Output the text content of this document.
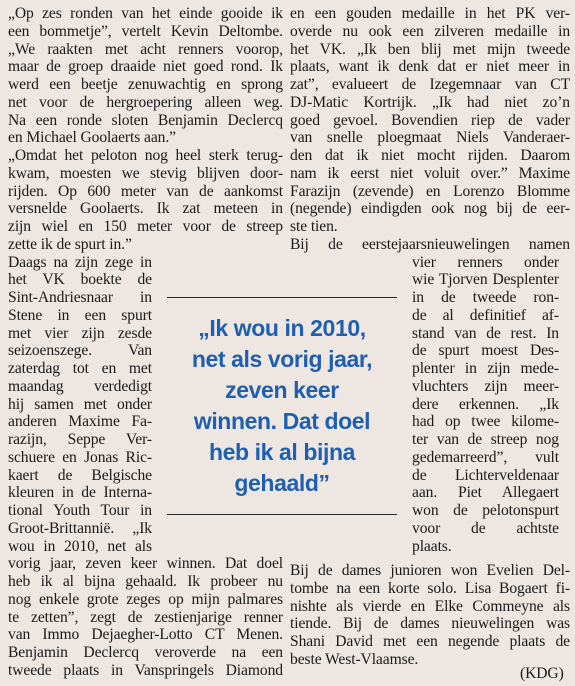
„Op zes ronden van het einde gooide ik
een bommetje”, vertelt Kevin Deltombe.
„We raakten met acht renners voorop,
maar de groep draaide niet goed rond. Ik
werd een beetje zenuwachtig en sprong
net voor de hergroepering alleen weg.
Na een ronde sloten Benjamin Declercq
en Michael Goolaerts aan.”
„Omdat het peloton nog heel sterk terug-
kwam, moesten we stevig blijven door-
rijden. Op 600 meter van de aankomst
versnelde Goolaerts. Ik zat meteen in
zijn wiel en 150 meter voor de streep
zette ik de spurt in.”
Daags na zijn zege in
het VK boekte de
Sint-Andriesnaar in
Stene in een spurt
met vier zijn zesde
seizoenszege. Van
zaterdag tot en met
maandag verdedigt
hij samen met onder
anderen Maxime Fa-
razijn, Seppe Ver-
schuere en Jonas Ric-
kaert de Belgische
kleuren in de Interna-
tional Youth Tour in
Groot-Brittannië. „Ik
wou in 2010, net als
vorig jaar, zeven keer winnen. Dat doel
heb ik al bijna gehaald. Ik probeer nu
nog enkele grote zeges op mijn palmares
te zetten”, zegt de zestienjarige renner
van Immo Dejaegher-Lotto CT Menen.
Benjamin Declercq veroverde na een
tweede plaats in Vanspringels Diamond
en een gouden medaille in het PK ver-
overde nu ook een zilveren medaille in
het VK. „Ik ben blij met mijn tweede
plaats, want ik denk dat er niet meer in
zat”, evalueert de Izegemnaar van CT
DJ-Matic Kortrijk. „Ik had niet zo’n
goed gevoel. Bovendien riep de vader
van snelle ploegmaat Niels Vanderaer-
den dat ik niet mocht rijden. Daarom
nam ik eerst niet voluit over.” Maxime
Farazijn (zevende) en Lorenzo Blomme
(negende) eindigden ook nog bij de eer-
ste tien.
Bij de eerstejaarsnieuwelingen namen
vier renners onder
wie Tjorven Desplenter
in de tweede ron-
de al definitief af-
stand van de rest. In
de spurt moest Des-
plenter in zijn mede-
vluchters zijn meer-
dere erkennen. „Ik
had op twee kilome-
ter van de streep nog
gedemarreerd”, vult
de Lichterveldenaar
aan. Piet Allegaert
won de pelotonspurt
voor de achtste
plaats.
Bij de dames junioren won Evelien Del-
tombe na een korte solo. Lisa Bogaert fi-
nishte als vierde en Elke Commeyne als
tiende. Bij de dames nieuwelingen was
Shani David met een negende plaats de
beste West-Vlaamse.
(KDG)
„Ik wou in 2010,
net als vorig jaar,
zeven keer
winnen. Dat doel
heb ik al bijna
gehaald”
